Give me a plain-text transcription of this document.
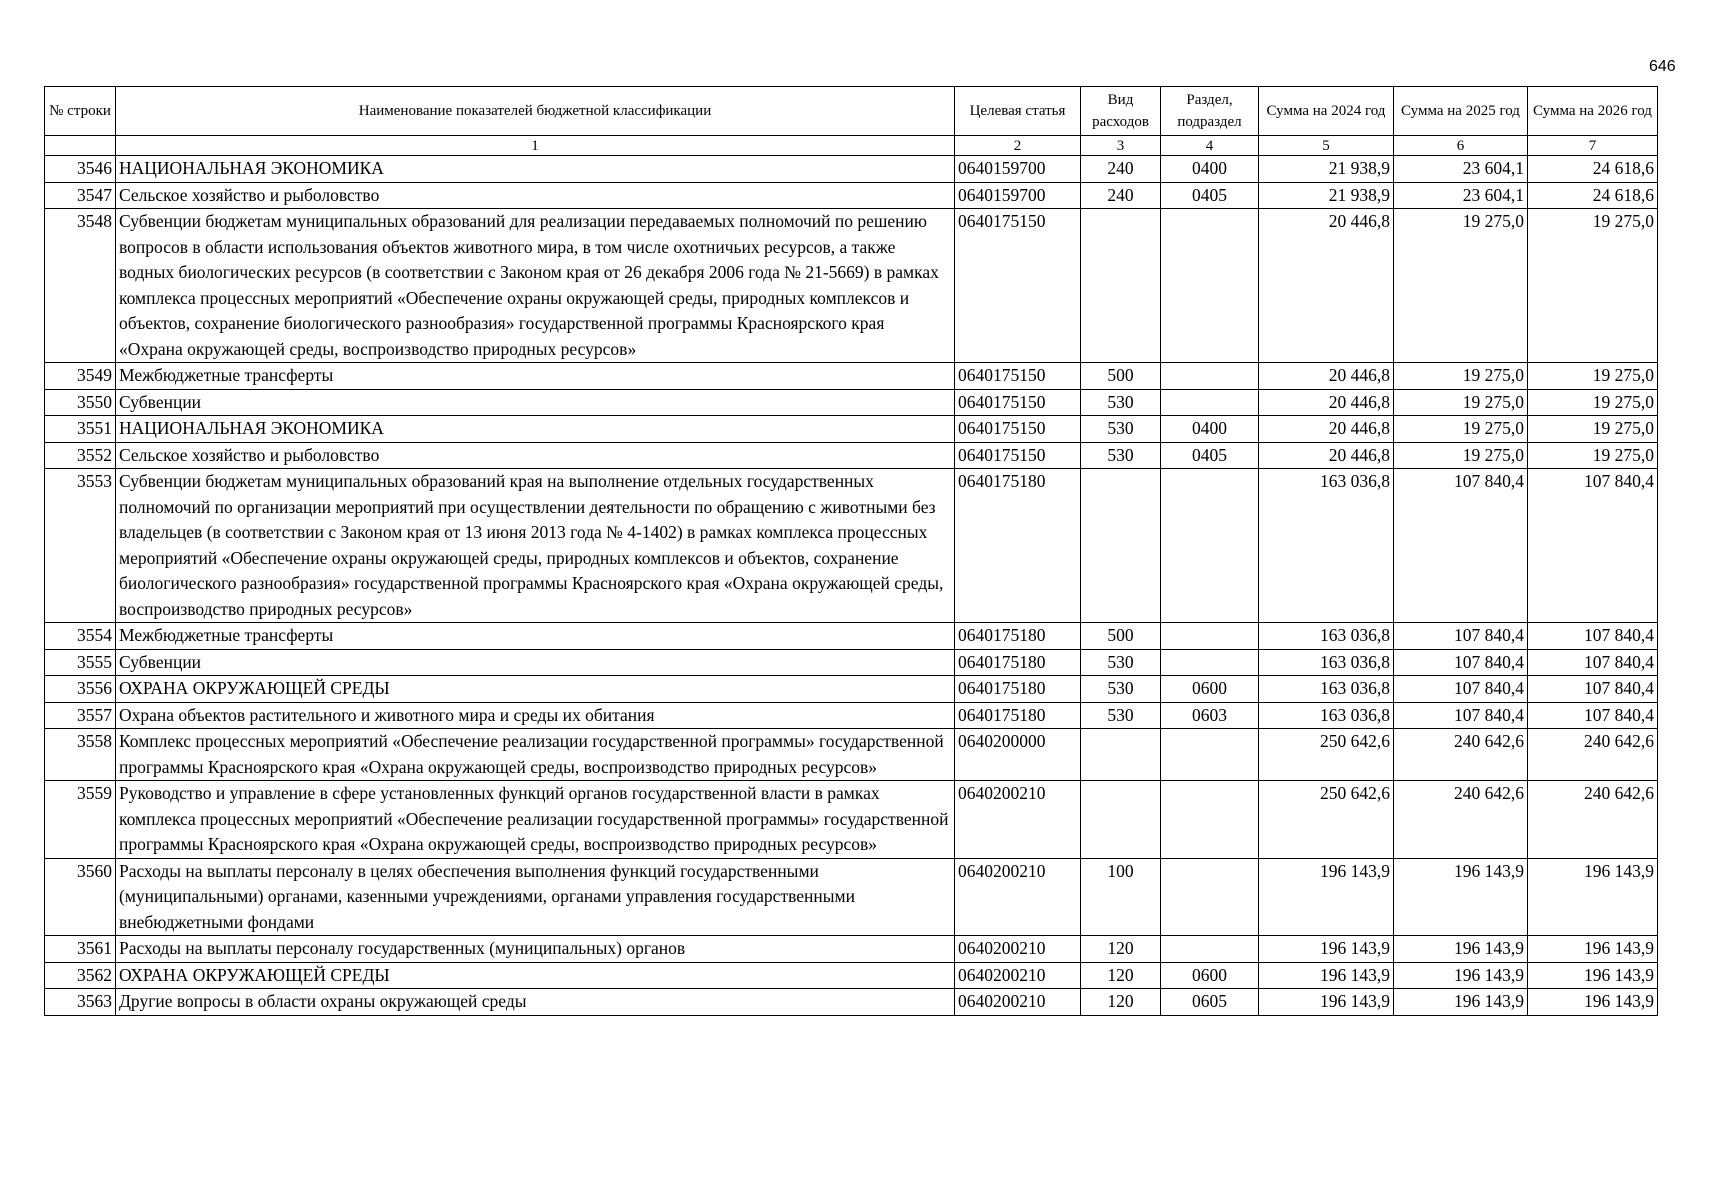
646
№ строки	Наименование показателей бюджетной классификации	Целевая статья	Вид расходов	Раздел, подраздел	Сумма на 2024 год	Сумма на 2025 год	Сумма на 2026 год
	1	2	3	4	5	6	7
3546	НАЦИОНАЛЬНАЯ ЭКОНОМИКА	0640159700	240	0400	21 938,9	23 604,1	24 618,6
3547	Сельское хозяйство и рыболовство	0640159700	240	0405	21 938,9	23 604,1	24 618,6
3548	Субвенции бюджетам муниципальных образований для реализации передаваемых полномочий по решению вопросов в области использования объектов животного мира, в том числе охотничьих ресурсов, а также водных биологических ресурсов (в соответствии с Законом края от 26 декабря 2006 года № 21-5669) в рамках комплекса процессных мероприятий «Обеспечение охраны окружающей среды, природных комплексов и объектов, сохранение биологического разнообразия» государственной программы Красноярского края «Охрана окружающей среды, воспроизводство природных ресурсов»	0640175150			20 446,8	19 275,0	19 275,0
3549	Межбюджетные трансферты	0640175150	500		20 446,8	19 275,0	19 275,0
3550	Субвенции	0640175150	530		20 446,8	19 275,0	19 275,0
3551	НАЦИОНАЛЬНАЯ ЭКОНОМИКА	0640175150	530	0400	20 446,8	19 275,0	19 275,0
3552	Сельское хозяйство и рыболовство	0640175150	530	0405	20 446,8	19 275,0	19 275,0
3553	Субвенции бюджетам муниципальных образований края на выполнение отдельных государственных полномочий по организации мероприятий при осуществлении деятельности по обращению с животными без владельцев (в соответствии с Законом края от 13 июня 2013 года № 4-1402) в рамках комплекса процессных мероприятий «Обеспечение охраны окружающей среды, природных комплексов и объектов, сохранение биологического разнообразия» государственной программы Красноярского края «Охрана окружающей среды, воспроизводство природных ресурсов»	0640175180			163 036,8	107 840,4	107 840,4
3554	Межбюджетные трансферты	0640175180	500		163 036,8	107 840,4	107 840,4
3555	Субвенции	0640175180	530		163 036,8	107 840,4	107 840,4
3556	ОХРАНА ОКРУЖАЮЩЕЙ СРЕДЫ	0640175180	530	0600	163 036,8	107 840,4	107 840,4
3557	Охрана объектов растительного и животного мира и среды их обитания	0640175180	530	0603	163 036,8	107 840,4	107 840,4
3558	Комплекс процессных мероприятий «Обеспечение реализации государственной программы» государственной программы Красноярского края «Охрана окружающей среды, воспроизводство природных ресурсов»	0640200000			250 642,6	240 642,6	240 642,6
3559	Руководство и управление в сфере установленных функций органов государственной власти в рамках комплекса процессных мероприятий «Обеспечение реализации государственной программы» государственной программы Красноярского края «Охрана окружающей среды, воспроизводство природных ресурсов»	0640200210			250 642,6	240 642,6	240 642,6
3560	Расходы на выплаты персоналу в целях обеспечения выполнения функций государственными (муниципальными) органами, казенными учреждениями, органами управления государственными внебюджетными фондами	0640200210	100		196 143,9	196 143,9	196 143,9
3561	Расходы на выплаты персоналу государственных (муниципальных) органов	0640200210	120		196 143,9	196 143,9	196 143,9
3562	ОХРАНА ОКРУЖАЮЩЕЙ СРЕДЫ	0640200210	120	0600	196 143,9	196 143,9	196 143,9
3563	Другие вопросы в области охраны окружающей среды	0640200210	120	0605	196 143,9	196 143,9	196 143,9
